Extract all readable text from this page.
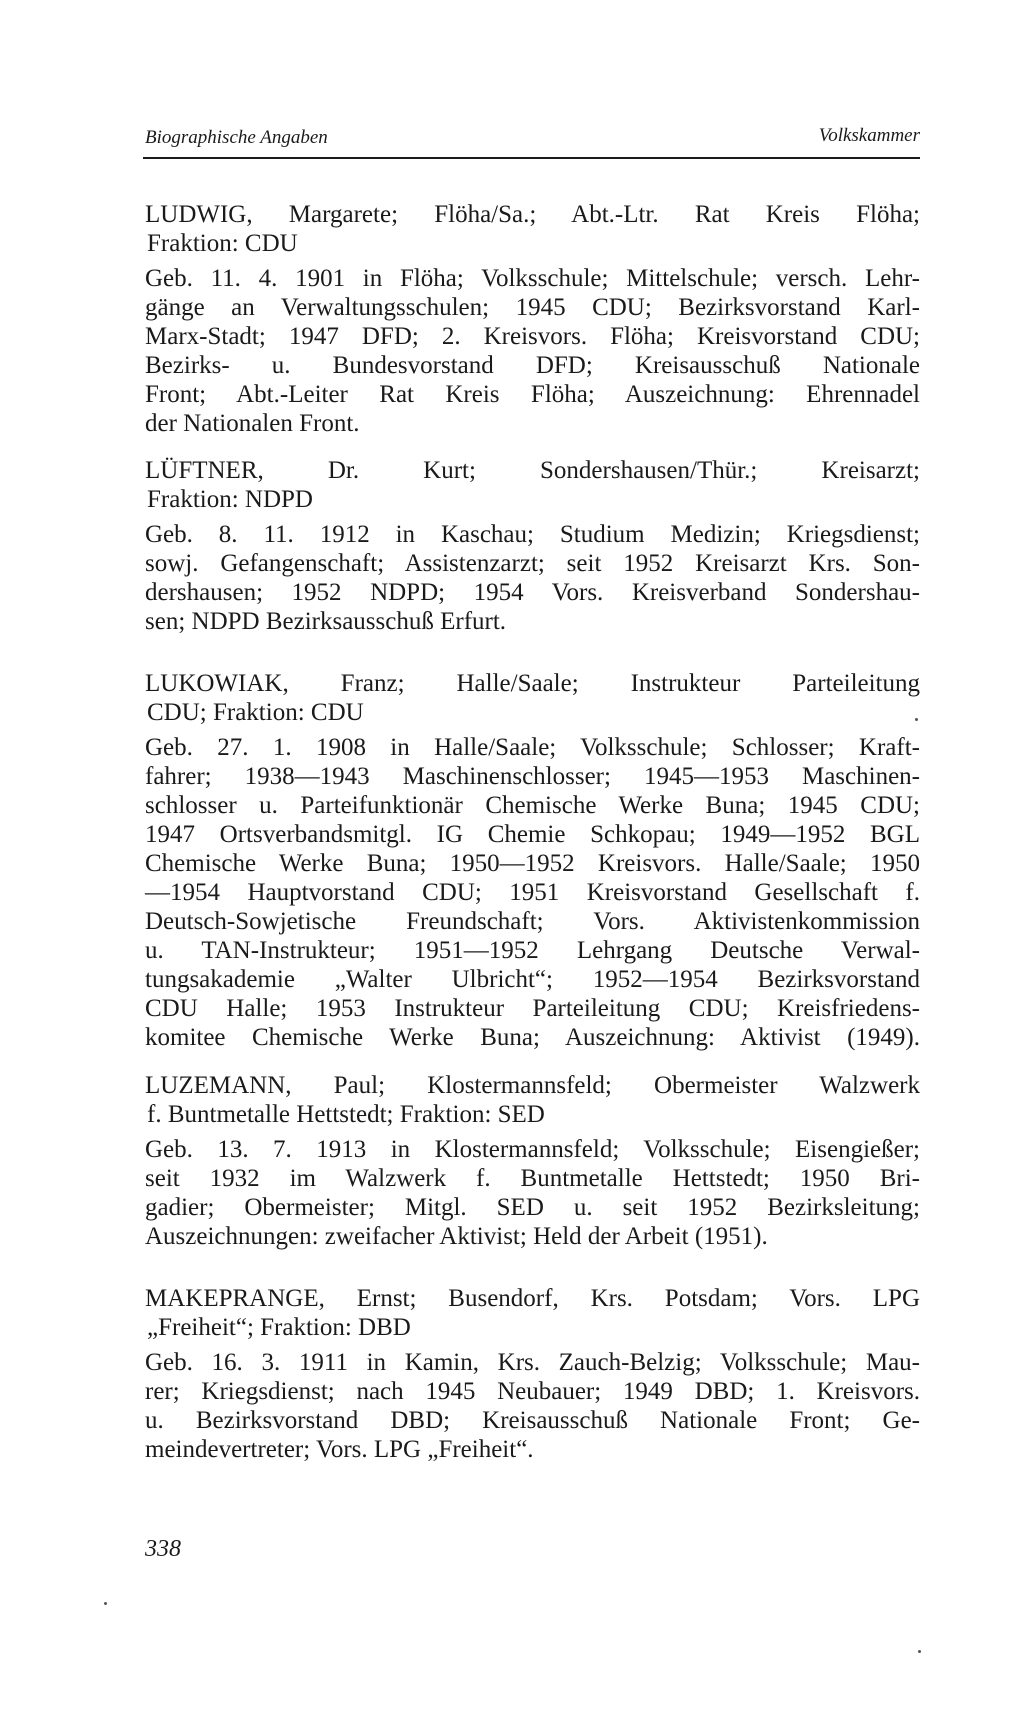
Biographische Angaben	Volkskammer
LUDWIG, Margarete; Flöha/Sa.; Abt.-Ltr. Rat Kreis Flöha;
Fraktion: CDU
Geb. 11. 4. 1901 in Flöha; Volksschule; Mittelschule; versch. Lehr-
gänge an Verwaltungsschulen; 1945 CDU; Bezirksvorstand Karl-
Marx-Stadt; 1947 DFD; 2. Kreisvors. Flöha; Kreisvorstand CDU;
Bezirks- u. Bundesvorstand DFD; Kreisausschuß Nationale
Front; Abt.-Leiter Rat Kreis Flöha; Auszeichnung: Ehrennadel
der Nationalen Front.
LÜFTNER, Dr. Kurt; Sondershausen/Thür.; Kreisarzt;
Fraktion: NDPD
Geb. 8. 11. 1912 in Kaschau; Studium Medizin; Kriegsdienst;
sowj. Gefangenschaft; Assistenzarzt; seit 1952 Kreisarzt Krs. Son-
dershausen; 1952 NDPD; 1954 Vors. Kreisverband Sondershau-
sen; NDPD Bezirksausschuß Erfurt.
LUKOWIAK, Franz; Halle/Saale; Instrukteur Parteileitung
CDU; Fraktion: CDU
Geb. 27. 1. 1908 in Halle/Saale; Volksschule; Schlosser; Kraft-
fahrer; 1938—1943 Maschinenschlosser; 1945—1953 Maschinen-
schlosser u. Parteifunktionär Chemische Werke Buna; 1945 CDU;
1947 Ortsverbandsmitgl. IG Chemie Schkopau; 1949—1952 BGL
Chemische Werke Buna; 1950—1952 Kreisvors. Halle/Saale; 1950
—1954 Hauptvorstand CDU; 1951 Kreisvorstand Gesellschaft f.
Deutsch-Sowjetische Freundschaft; Vors. Aktivistenkommission
u. TAN-Instrukteur; 1951—1952 Lehrgang Deutsche Verwal-
tungsakademie „Walter Ulbricht“; 1952—1954 Bezirksvorstand
CDU Halle; 1953 Instrukteur Parteileitung CDU; Kreisfriedens-
komitee Chemische Werke Buna; Auszeichnung: Aktivist (1949).
LUZEMANN, Paul; Klostermannsfeld; Obermeister Walzwerk
f. Buntmetalle Hettstedt; Fraktion: SED
Geb. 13. 7. 1913 in Klostermannsfeld; Volksschule; Eisengießer;
seit 1932 im Walzwerk f. Buntmetalle Hettstedt; 1950 Bri-
gadier; Obermeister; Mitgl. SED u. seit 1952 Bezirksleitung;
Auszeichnungen: zweifacher Aktivist; Held der Arbeit (1951).
MAKEPRANGE, Ernst; Busendorf, Krs. Potsdam; Vors. LPG
„Freiheit“; Fraktion: DBD
Geb. 16. 3. 1911 in Kamin, Krs. Zauch-Belzig; Volksschule; Mau-
rer; Kriegsdienst; nach 1945 Neubauer; 1949 DBD; 1. Kreisvors.
u. Bezirksvorstand DBD; Kreisausschuß Nationale Front; Ge-
meindevertreter; Vors. LPG „Freiheit“.
338
